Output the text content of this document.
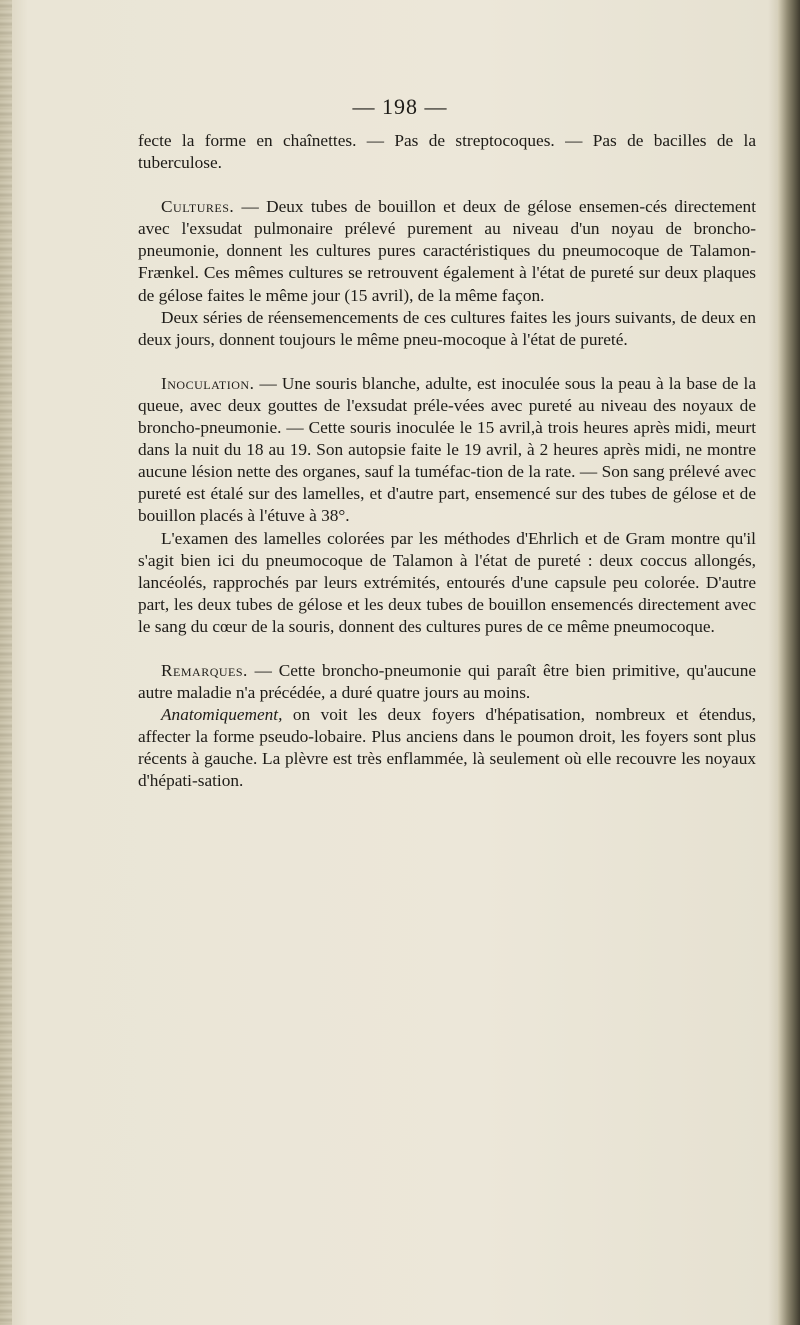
— 198 —

fecte la forme en chaînettes. — Pas de streptocoques. — Pas de bacilles de la tuberculose.

Cultures. — Deux tubes de bouillon et deux de gélose ensemen-cés directement avec l'exsudat pulmonaire prélevé purement au niveau d'un noyau de broncho-pneumonie, donnent les cultures pures caractéristiques du pneumocoque de Talamon-Frænkel. Ces mêmes cultures se retrouvent également à l'état de pureté sur deux plaques de gélose faites le même jour (15 avril), de la même façon.

Deux séries de réensemencements de ces cultures faites les jours suivants, de deux en deux jours, donnent toujours le même pneu-mocoque à l'état de pureté.

Inoculation. — Une souris blanche, adulte, est inoculée sous la peau à la base de la queue, avec deux gouttes de l'exsudat préle-vées avec pureté au niveau des noyaux de broncho-pneumonie. — Cette souris inoculée le 15 avril,à trois heures après midi, meurt dans la nuit du 18 au 19. Son autopsie faite le 19 avril, à 2 heures après midi, ne montre aucune lésion nette des organes, sauf la tuméfac-tion de la rate. — Son sang prélevé avec pureté est étalé sur des lamelles, et d'autre part, ensemencé sur des tubes de gélose et de bouillon placés à l'étuve à 38°.

L'examen des lamelles colorées par les méthodes d'Ehrlich et de Gram montre qu'il s'agit bien ici du pneumocoque de Talamon à l'état de pureté : deux coccus allongés, lancéolés, rapprochés par leurs extrémités, entourés d'une capsule peu colorée. D'autre part, les deux tubes de gélose et les deux tubes de bouillon ensemencés directement avec le sang du cœur de la souris, donnent des cultures pures de ce même pneumocoque.

Remarques. — Cette broncho-pneumonie qui paraît être bien primitive, qu'aucune autre maladie n'a précédée, a duré quatre jours au moins.

Anatomiquement, on voit les deux foyers d'hépatisation, nombreux et étendus, affecter la forme pseudo-lobaire. Plus anciens dans le poumon droit, les foyers sont plus récents à gauche. La plèvre est très enflammée, là seulement où elle recouvre les noyaux d'hépati-sation.
